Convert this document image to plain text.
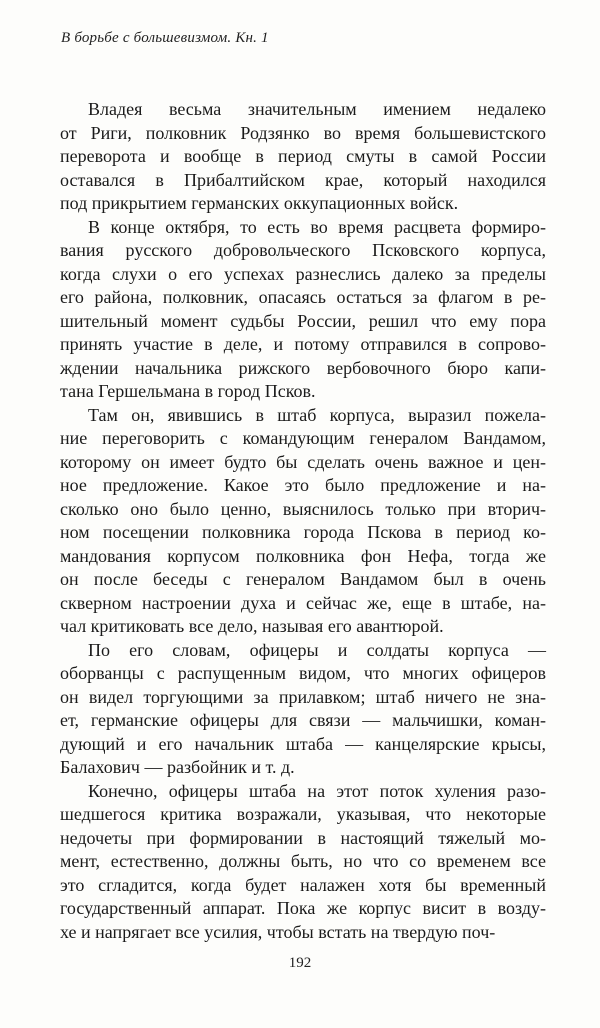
В борьбе с большевизмом. Кн. 1

Владея весьма значительным имением недалеко
от Риги, полковник Родзянко во время большевистского
переворота и вообще в период смуты в самой России
оставался в Прибалтийском крае, который находился
под прикрытием германских оккупационных войск.

В конце октября, то есть во время расцвета формиро-
вания русского добровольческого Псковского корпуса,
когда слухи о его успехах разнеслись далеко за пределы
его района, полковник, опасаясь остаться за флагом в ре-
шительный момент судьбы России, решил что ему пора
принять участие в деле, и потому отправился в сопрово-
ждении начальника рижского вербовочного бюро капи-
тана Гершельмана в город Псков.

Там он, явившись в штаб корпуса, выразил пожела-
ние переговорить с командующим генералом Вандамом,
которому он имеет будто бы сделать очень важное и цен-
ное предложение. Какое это было предложение и на-
сколько оно было ценно, выяснилось только при вторич-
ном посещении полковника города Пскова в период ко-
мандования корпусом полковника фон Нефа, тогда же
он после беседы с генералом Вандамом был в очень
скверном настроении духа и сейчас же, еще в штабе, на-
чал критиковать все дело, называя его авантюрой.

По его словам, офицеры и солдаты корпуса —
оборванцы с распущенным видом, что многих офицеров
он видел торгующими за прилавком; штаб ничего не зна-
ет, германские офицеры для связи — мальчишки, коман-
дующий и его начальник штаба — канцелярские крысы,
Балахович — разбойник и т. д.

Конечно, офицеры штаба на этот поток хуления разо-
шедшегося критика возражали, указывая, что некоторые
недочеты при формировании в настоящий тяжелый мо-
мент, естественно, должны быть, но что со временем все
это сгладится, когда будет налажен хотя бы временный
государственный аппарат. Пока же корпус висит в возду-
хе и напрягает все усилия, чтобы встать на твердую поч-

192
